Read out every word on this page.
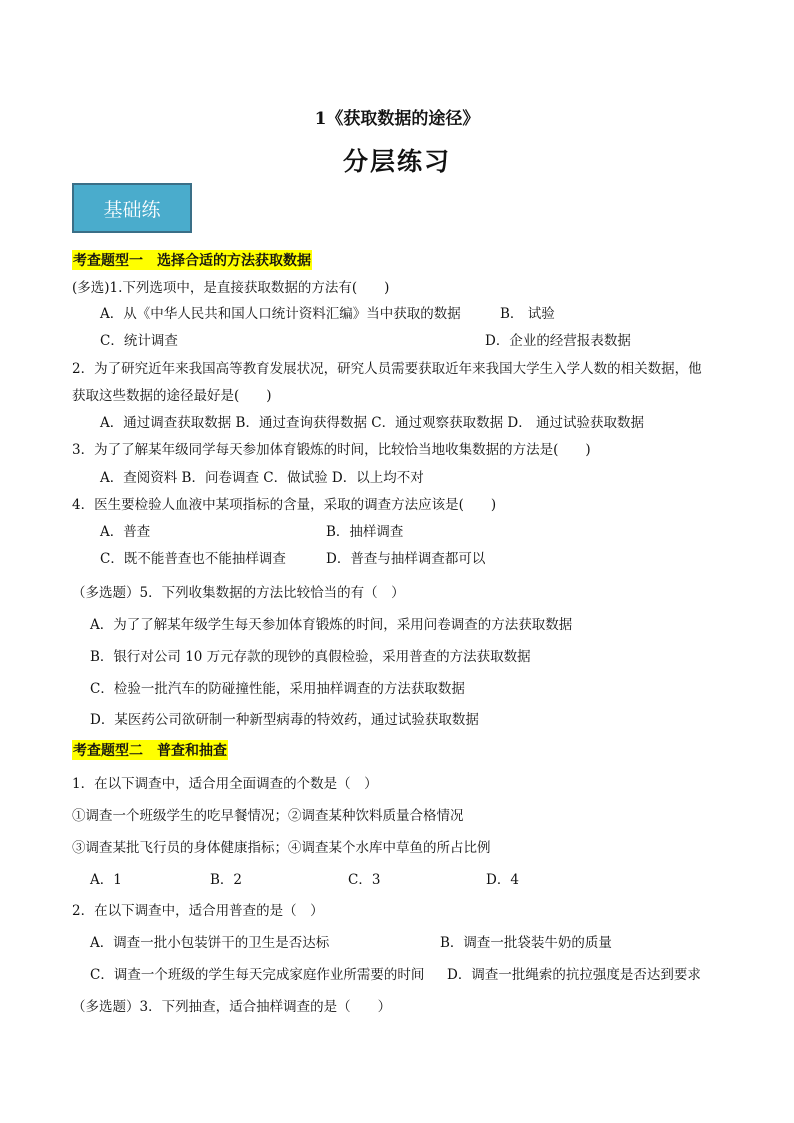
1《获取数据的途径》
分层练习
基础练
考查题型一　选择合适的方法获取数据
(多选)1.下列选项中，是直接获取数据的方法有(　　)
A．从《中华人民共和国人口统计资料汇编》当中获取的数据	B． 试验
C．统计调查	D．企业的经营报表数据
2．为了研究近年来我国高等教育发展状况，研究人员需要获取近年来我国大学生入学人数的相关数据，他
获取这些数据的途径最好是(　　)
A．通过调查获取数据 B．通过查询获得数据 C．通过观察获取数据 D． 通过试验获取数据
3．为了了解某年级同学每天参加体育锻炼的时间，比较恰当地收集数据的方法是(　　)
A．查阅资料 B．问卷调查 C．做试验 D．以上均不对
4．医生要检验人血液中某项指标的含量，采取的调查方法应该是(　　)
A．普查	B．抽样调查
C．既不能普查也不能抽样调查	D．普查与抽样调查都可以
（多选题）5．下列收集数据的方法比较恰当的有（　）
A．为了了解某年级学生每天参加体育锻炼的时间，采用问卷调查的方法获取数据
B．银行对公司 10 万元存款的现钞的真假检验，采用普查的方法获取数据
C．检验一批汽车的防碰撞性能，采用抽样调查的方法获取数据
D．某医药公司欲研制一种新型病毒的特效药，通过试验获取数据
考查题型二　普查和抽查
1．在以下调查中，适合用全面调查的个数是（　）
①调查一个班级学生的吃早餐情况；②调查某种饮料质量合格情况
③调查某批飞行员的身体健康指标；④调查某个水库中草鱼的所占比例
A．1	B．2	C．3	D．4
2．在以下调查中，适合用普查的是（　）
A．调查一批小包装饼干的卫生是否达标	B．调查一批袋装牛奶的质量
C．调查一个班级的学生每天完成家庭作业所需要的时间 D．调查一批绳索的抗拉强度是否达到要求
（多选题）3．下列抽查，适合抽样调查的是（　　）
